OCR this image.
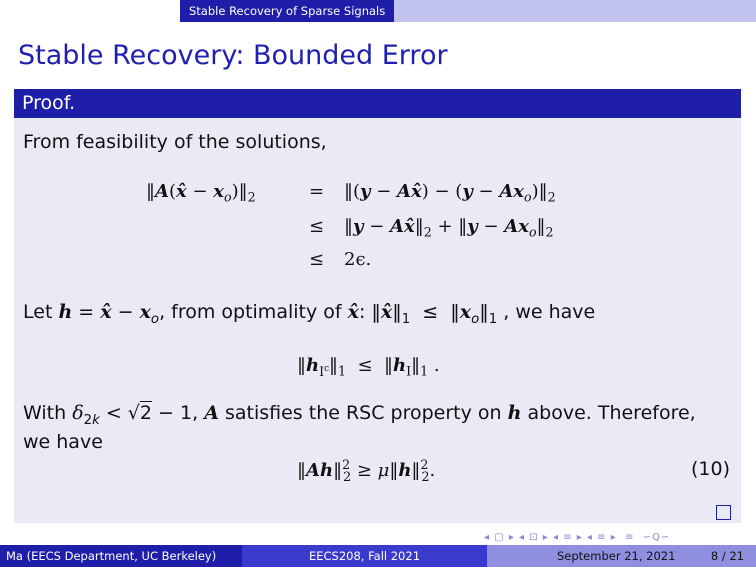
Stable Recovery of Sparse Signals
Stable Recovery: Bounded Error
Proof.
From feasibility of the solutions,
‖A(x̂ − $x_o)‖_2$	= ‖(y − Ax̂) − $(y - Ax_o)‖_2$
≤ ‖y − $Ax̂‖_2$ + ‖y − $Ax_o‖_2$
≤ 2ϵ.
Let h = x̂ − $x_o$, from optimality of x̂: $‖x̂‖_1$  ≤  $‖x_o‖_1$ , we have
$‖h_{I^c}‖_1$  ≤  $‖h_I‖_1$ .
With $\delta_{2k} < √2 - 1$, A satisfies the RSC property on h above. Therefore,
we have
‖Ah‖$^2_2$ ≥ μ‖h‖$^2_2$.	(10)
◂ ▢ ▸ ◂ ⊡ ▸ ◂ ≡ ▸ ◂ ≡ ▸  ≡  ∽Q∽
Ma (EECS Department, UC Berkeley)	EECS208, Fall 2021	September 21, 2021	8 / 21
